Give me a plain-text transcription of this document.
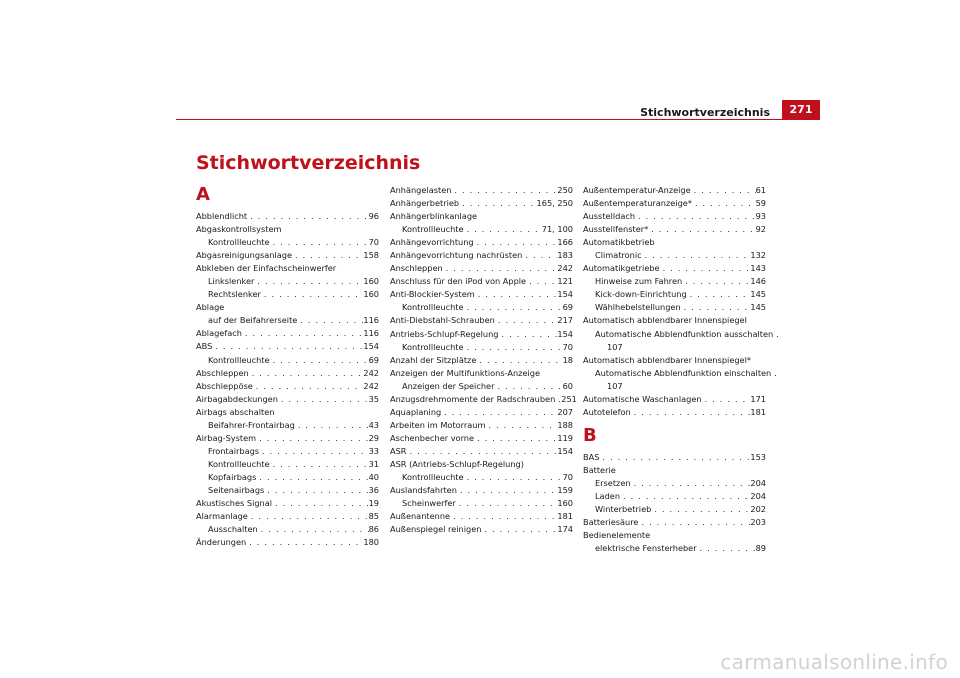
Stichwortverzeichnis	271
Stichwortverzeichnis
A
Abblendlicht . . .	96
Abgaskontrollsystem
Kontrollleuchte . . .	70
Abgasreinigungsanlage . . .	158
Abkleben der Einfachscheinwerfer
Linkslenker . . .	160
Rechtslenker . . .	160
Ablage
auf der Beifahrerseite . . .	116
Ablagefach . . .	116
ABS . . .	154
Kontrollleuchte . . .	69
Abschleppen . . .	242
Abschleppöse . . .	242
Airbagabdeckungen . . .	35
Airbags abschalten
Beifahrer-Frontairbag . . .	43
Airbag-System . . .	29
Frontairbags . . .	33
Kontrollleuchte . . .	31
Kopfairbags . . .	40
Seitenairbags . . .	36
Akustisches Signal . . .	19
Alarmanlage . . .	85
Ausschalten . . .	86
Änderungen . . .	180
Anhängelasten . . .	250
Anhängerbetrieb . . .	165, 250
Anhängerblinkanlage
Kontrollleuchte . . .	71, 100
Anhängevorrichtung . . .	166
Anhängevorrichtung nachrüsten . . .	183
Anschleppen . . .	242
Anschluss für den iPod von Apple . . .	121
Anti-Blockier-System . . .	154
Kontrollleuchte . . .	69
Anti-Diebstahl-Schrauben . . .	217
Antriebs-Schlupf-Regelung . . .	154
Kontrollleuchte . . .	70
Anzahl der Sitzplätze . . .	18
Anzeigen der Multifunktions-Anzeige
Anzeigen der Speicher . . .	60
Anzugsdrehmomente der Radschrauben . . . 251
Aquaplaning . . .	207
Arbeiten im Motorraum . . .	188
Aschenbecher vorne . . .	119
ASR . . .	154
ASR (Antriebs-Schlupf-Regelung)
Kontrollleuchte . . .	70
Auslandsfahrten . . .	159
Scheinwerfer . . .	160
Außenantenne . . .	181
Außenspiegel reinigen . . .	174
Außentemperatur-Anzeige . . .	61
Außentemperaturanzeige* . . .	59
Ausstelldach . . .	93
Ausstellfenster* . . .	92
Automatikbetrieb
Climatronic . . .	132
Automatikgetriebe . . .	143
Hinweise zum Fahren . . .	146
Kick-down-Einrichtung . . .	145
Wählhebelstellungen . . .	145
Automatisch abblendbarer Innenspiegel
Automatische Abblendfunktion ausschalten
. . .
107
Automatisch abblendbarer Innenspiegel*
Automatische Abblendfunktion einschalten
. . .
107
Automatische Waschanlagen . . .	171
Autotelefon . . .	181
B
BAS . . .	153
Batterie
Ersetzen . . .	204
Laden . . .	204
Winterbetrieb . . .	202
Batteriesäure . . .	203
Bedienelemente
elektrische Fensterheber . . .	89
carmanualsonline.info
